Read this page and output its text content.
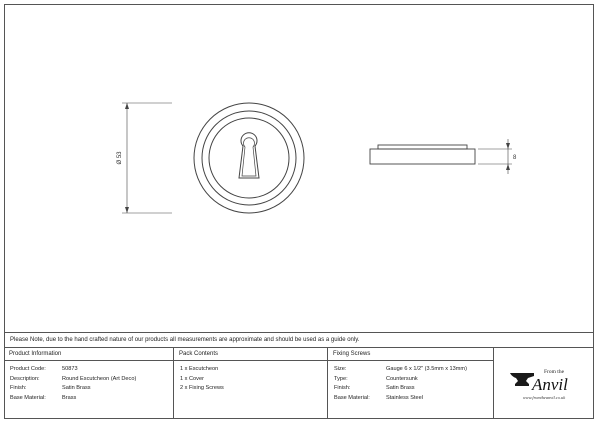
Ø 53	8
Please Note, due to the hand crafted nature of our products all measurements are approximate and should be used as a guide only.
Product Information
Product Code:	50873
Description:	Round Escutcheon (Art Deco)
Finish:	Satin Brass
Base Material:	Brass
Pack Contents
1 x Escutcheon
1 x Cover
2 x Fixing Screws
Fixing Screws
Size:	Gauge 6 x 1/2" (3.5mm x 13mm)
Type:	Countersunk
Finish:	Satin Brass
Base Material:	Stainless Steel
From the
Anvil
www.fromtheanvil.co.uk
